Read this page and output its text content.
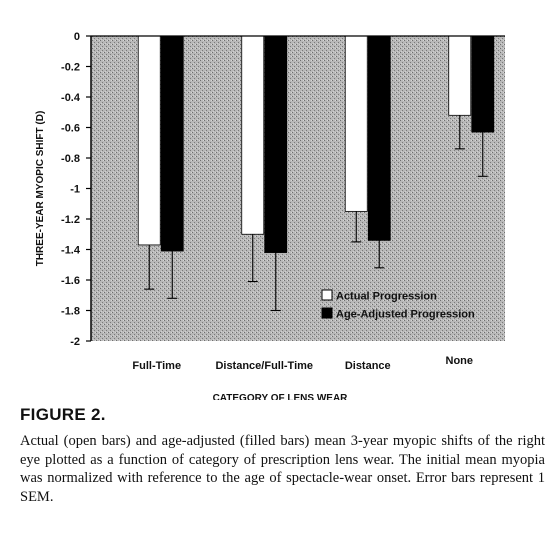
0
-0.2
-0.4
-0.6
-0.8
-1
-1.2
-1.4
-1.6
-1.8
-2
Full-Time	Distance/Full-Time	Distance	None
THREE-YEAR MYOPIC SHIFT (D)
CATEGORY OF LENS WEAR
Actual Progression
Age-Adjusted Progression
FIGURE 2.
Actual (open bars) and age-adjusted (filled bars) mean 3-year myopic shifts of the right eye plotted as a function of category of prescription lens wear. The initial mean myopia was normalized with reference to the age of spectacle-wear onset. Error bars represent 1 SEM.
